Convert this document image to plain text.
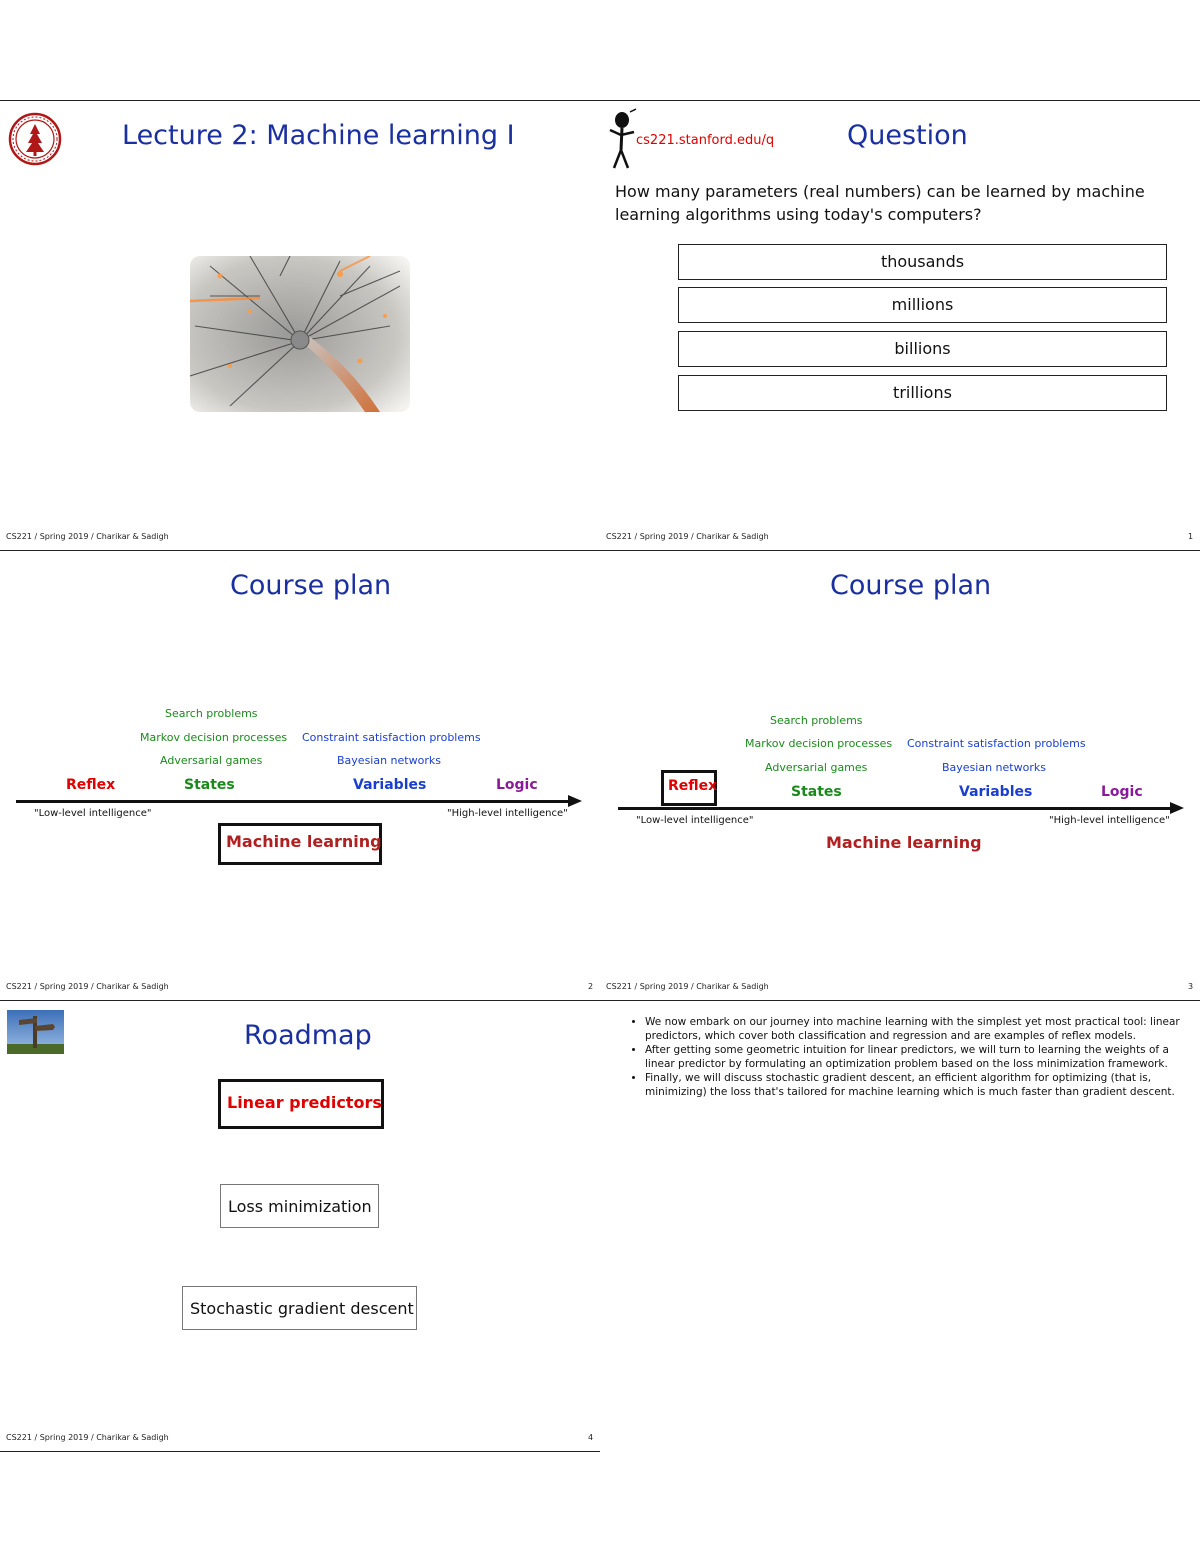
Lecture 2: Machine learning I
CS221 / Spring 2019 / Charikar & Sadigh
cs221.stanford.edu/q	Question
How many parameters (real numbers) can be learned by machine learning algorithms using today's computers?
thousands
millions
billions
trillions
CS221 / Spring 2019 / Charikar & Sadigh	1
Course plan
Search problems
Markov decision processes
Adversarial games
Constraint satisfaction problems
Bayesian networks
Reflex	States	Variables	Logic
"Low-level intelligence"	"High-level intelligence"
Machine learning
CS221 / Spring 2019 / Charikar & Sadigh	2
Course plan
Search problems
Markov decision processes
Adversarial games
Constraint satisfaction problems
Bayesian networks
Reflex	States	Variables	Logic
"Low-level intelligence"	"High-level intelligence"
Machine learning
CS221 / Spring 2019 / Charikar & Sadigh	3
Roadmap
Linear predictors
Loss minimization
Stochastic gradient descent
CS221 / Spring 2019 / Charikar & Sadigh	4
• We now embark on our journey into machine learning with the simplest yet most practical tool: linear predictors, which cover both classification and regression and are examples of reflex models.
• After getting some geometric intuition for linear predictors, we will turn to learning the weights of a linear predictor by formulating an optimization problem based on the loss minimization framework.
• Finally, we will discuss stochastic gradient descent, an efficient algorithm for optimizing (that is, minimizing) the loss that's tailored for machine learning which is much faster than gradient descent.
